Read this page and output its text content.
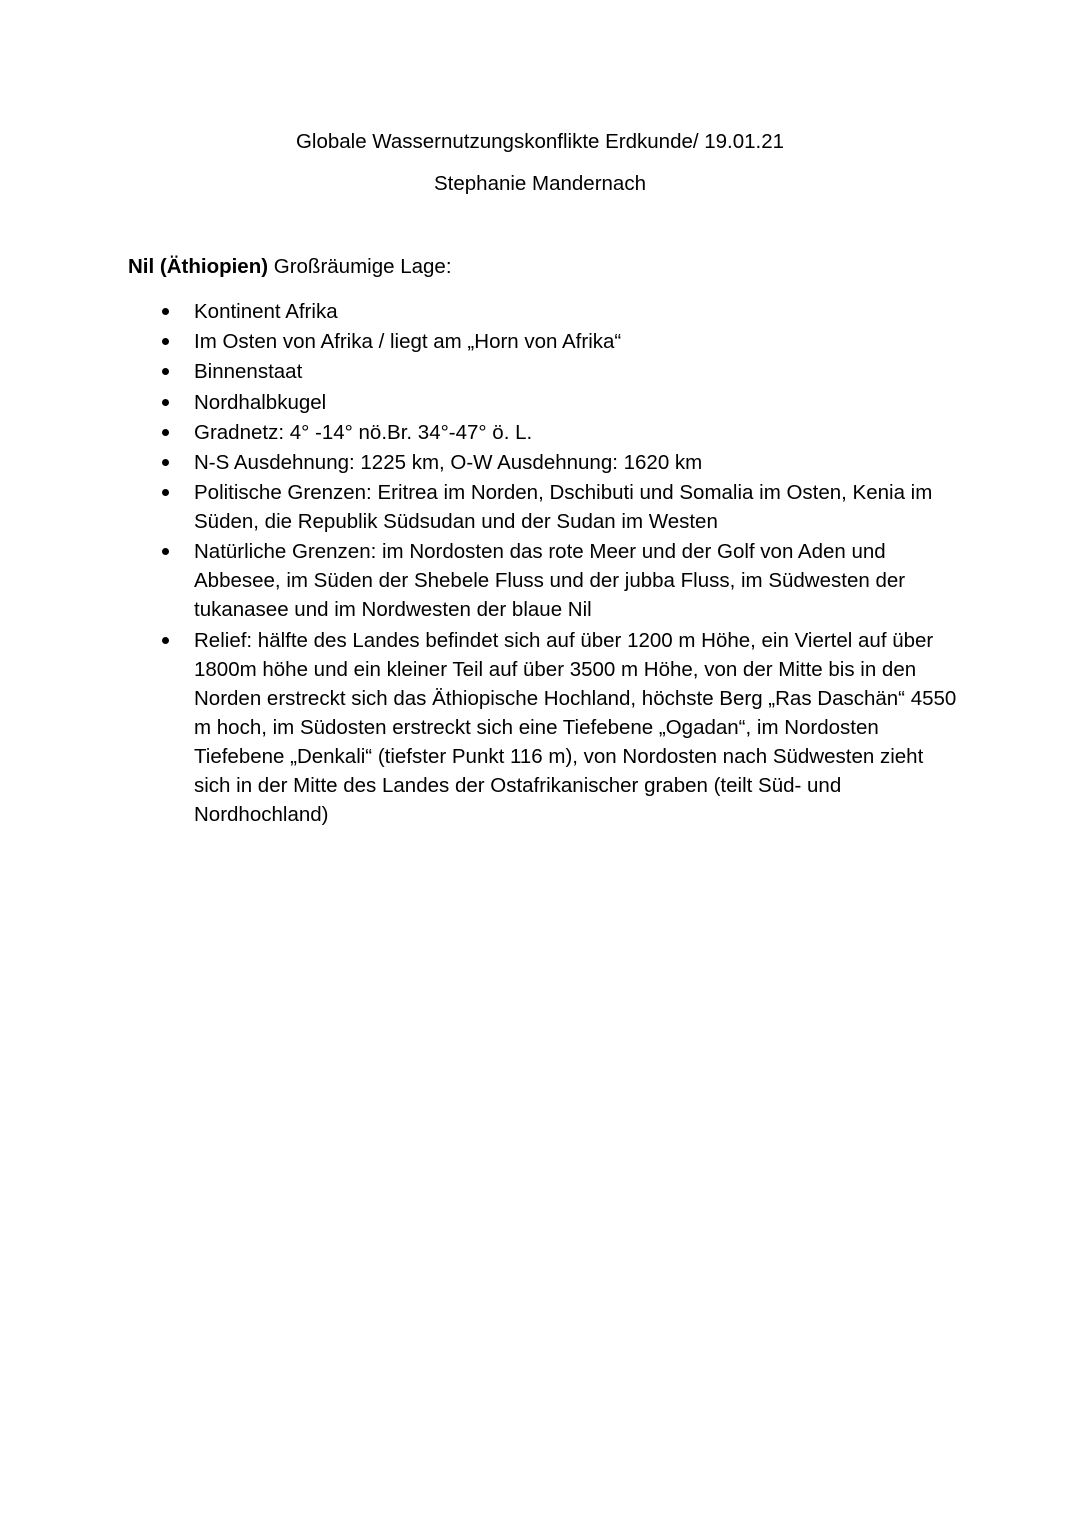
Globale Wassernutzungskonflikte Erdkunde/ 19.01.21
Stephanie Mandernach

Nil (Äthiopien) Großräumige Lage:

Kontinent Afrika
Im Osten von Afrika / liegt am „Horn von Afrika“
Binnenstaat
Nordhalbkugel
Gradnetz: 4° -14° nö.Br. 34°-47° ö. L.
N-S Ausdehnung: 1225 km, O-W Ausdehnung: 1620 km
Politische Grenzen: Eritrea im Norden, Dschibuti und Somalia im Osten, Kenia im Süden, die Republik Südsudan und der Sudan im Westen
Natürliche Grenzen: im Nordosten das rote Meer und der Golf von Aden und Abbesee, im Süden der Shebele Fluss und der jubba Fluss, im Südwesten der tukanasee und im Nordwesten der blaue Nil
Relief: hälfte des Landes befindet sich auf über 1200 m Höhe, ein Viertel auf über 1800m höhe und ein kleiner Teil auf über 3500 m Höhe, von der Mitte bis in den Norden erstreckt sich das Äthiopische Hochland, höchste Berg „Ras Daschän“ 4550 m hoch, im Südosten erstreckt sich eine Tiefebene „Ogadan“, im Nordosten Tiefebene „Denkali“ (tiefster Punkt 116 m), von Nordosten nach Südwesten zieht sich in der Mitte des Landes der Ostafrikanischer graben (teilt Süd- und Nordhochland)
